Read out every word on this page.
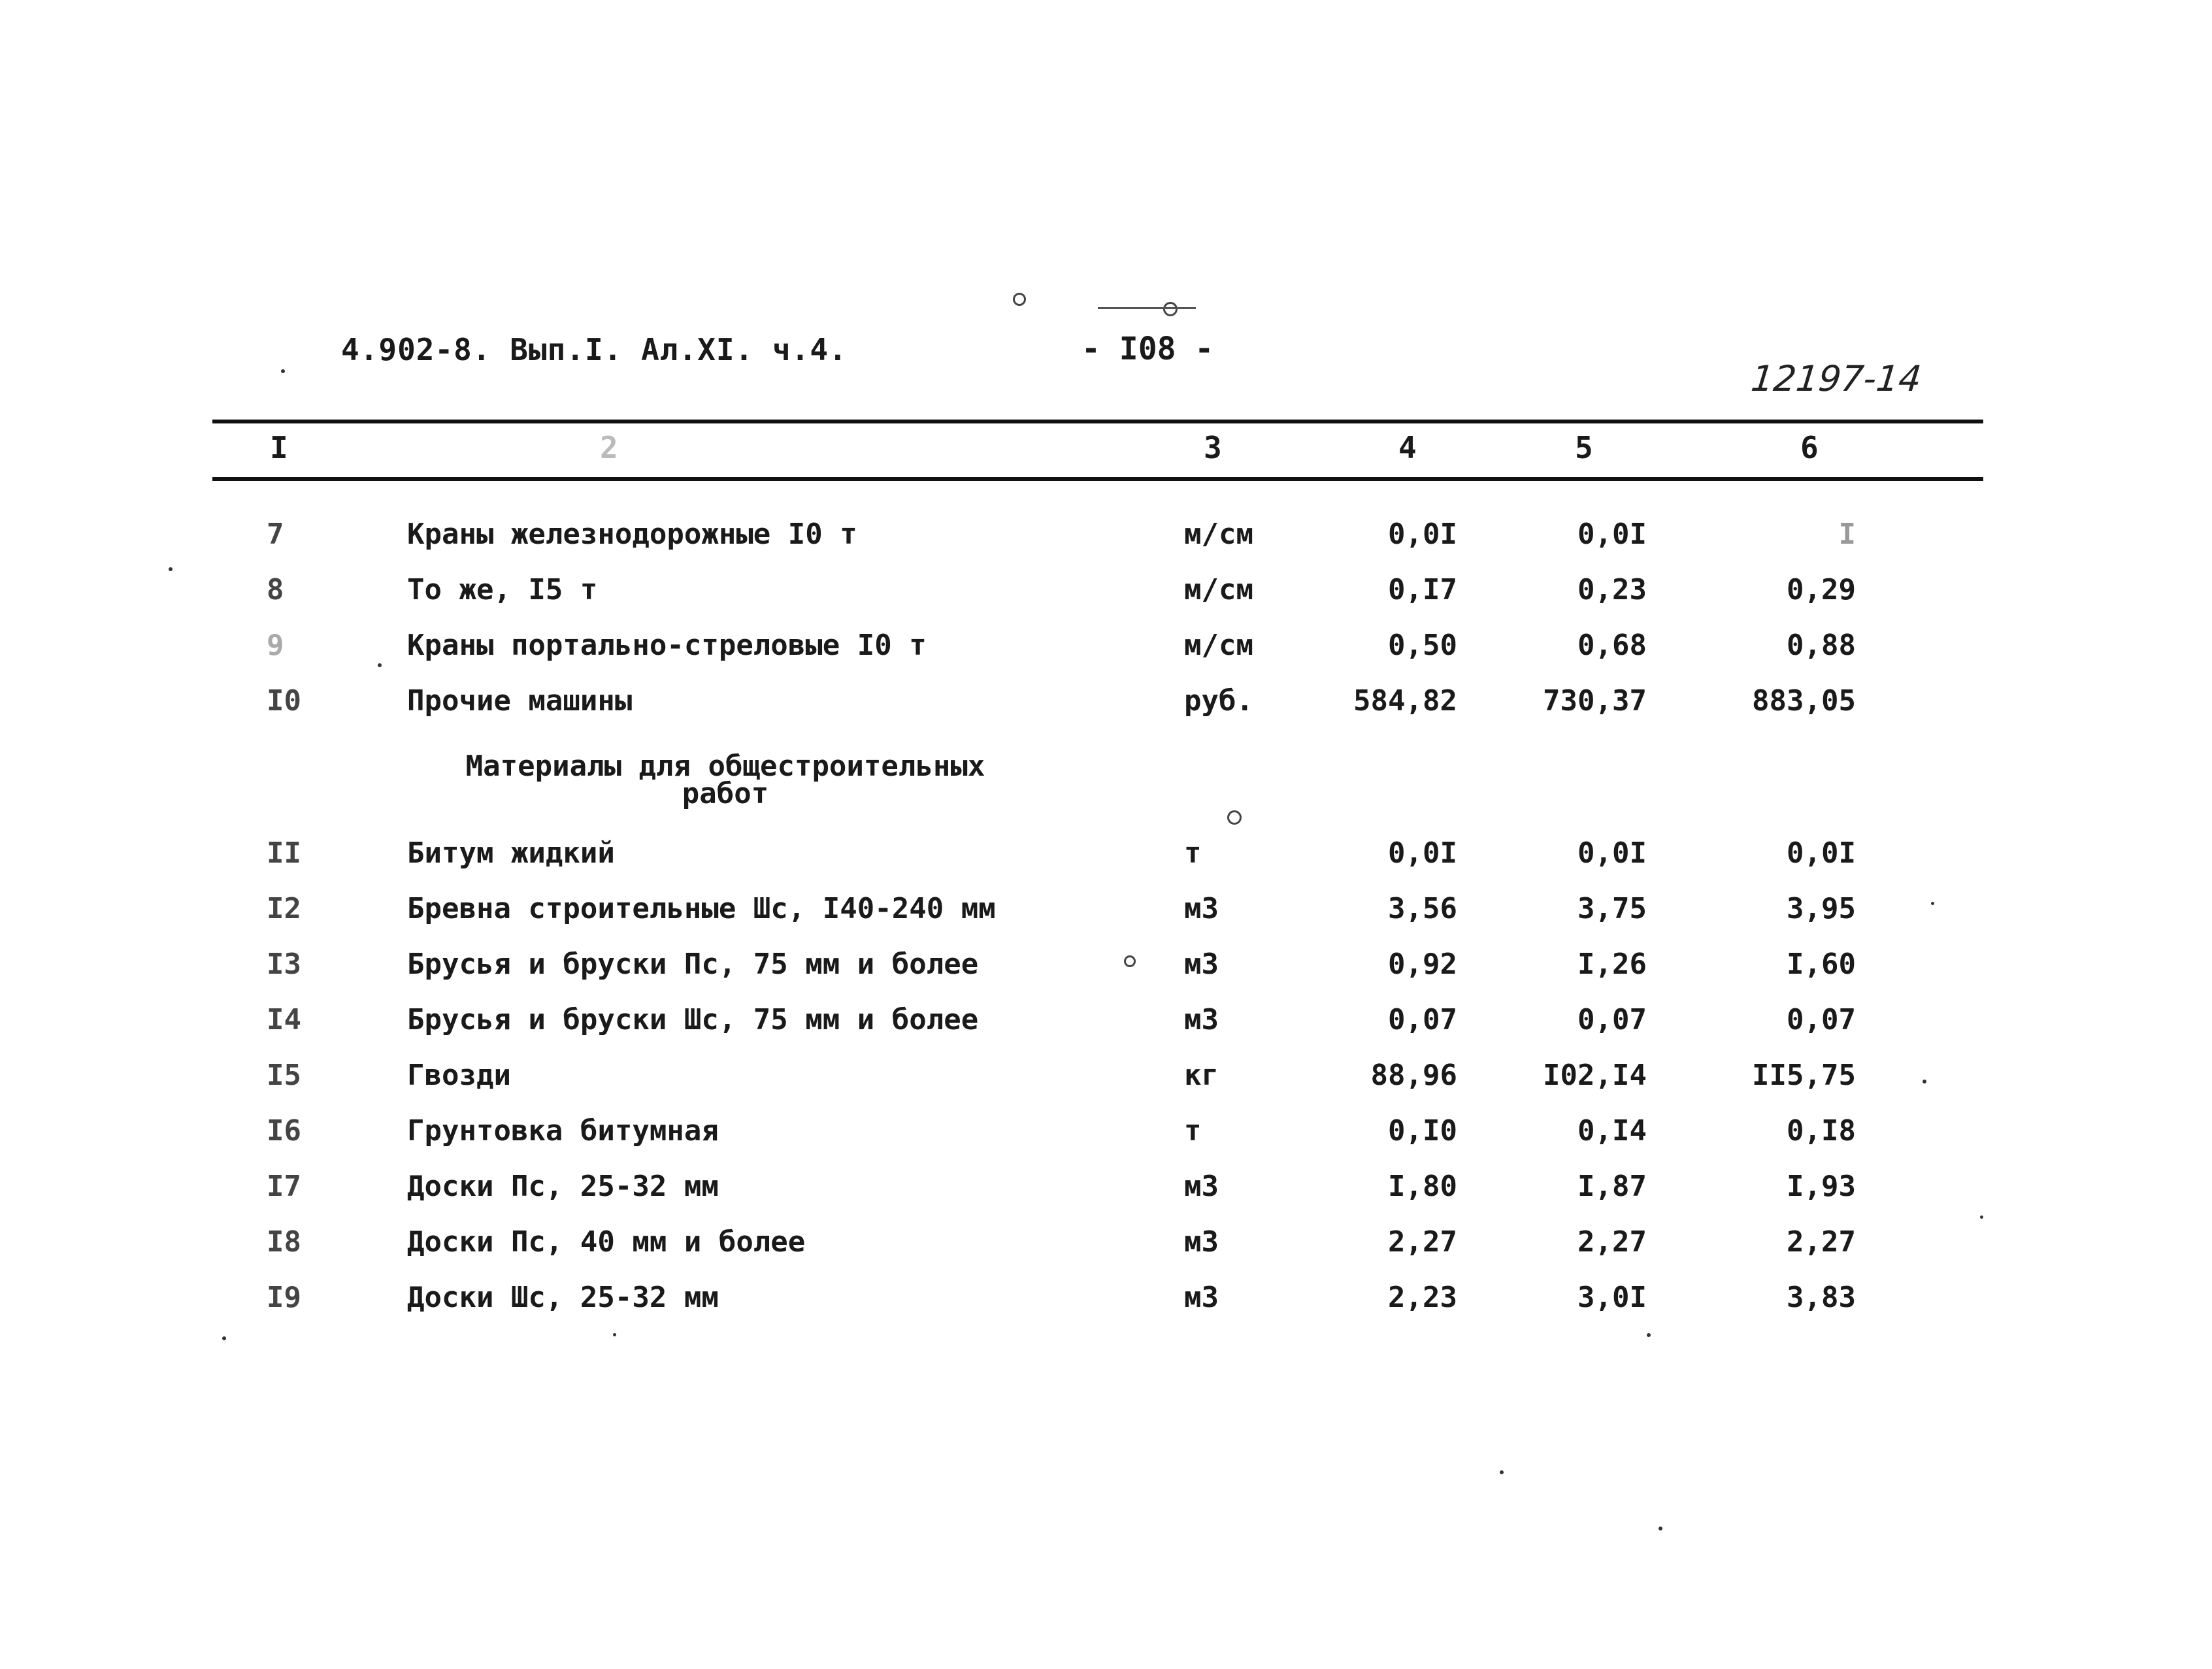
4.902-8. Вып.I. Ал.XI. ч.4.	- I08 -
12197-14
I	2	3	4	5	6
7	Краны железнодорожные I0 т	м/см	0,0I	0,0I	I
8	То же, I5 т	м/см	0,I7	0,23	0,29
9	Краны портально-стреловые I0 т	м/см	0,50	0,68	0,88
I0	Прочие машины	руб.	584,82	730,37	883,05
Материалы для общестроительных
работ
II	Битум жидкий	т	0,0I	0,0I	0,0I
I2	Бревна строительные Шс, I40-240 мм	м3	3,56	3,75	3,95
I3	Брусья и бруски Пс, 75 мм и более	м3	0,92	I,26	I,60
I4	Брусья и бруски Шс, 75 мм и более	м3	0,07	0,07	0,07
I5	Гвозди	кг	88,96	I02,I4	II5,75
I6	Грунтовка битумная	т	0,I0	0,I4	0,I8
I7	Доски Пс, 25-32 мм	м3	I,80	I,87	I,93
I8	Доски Пс, 40 мм и более	м3	2,27	2,27	2,27
I9	Доски Шс, 25-32 мм	м3	2,23	3,0I	3,83
